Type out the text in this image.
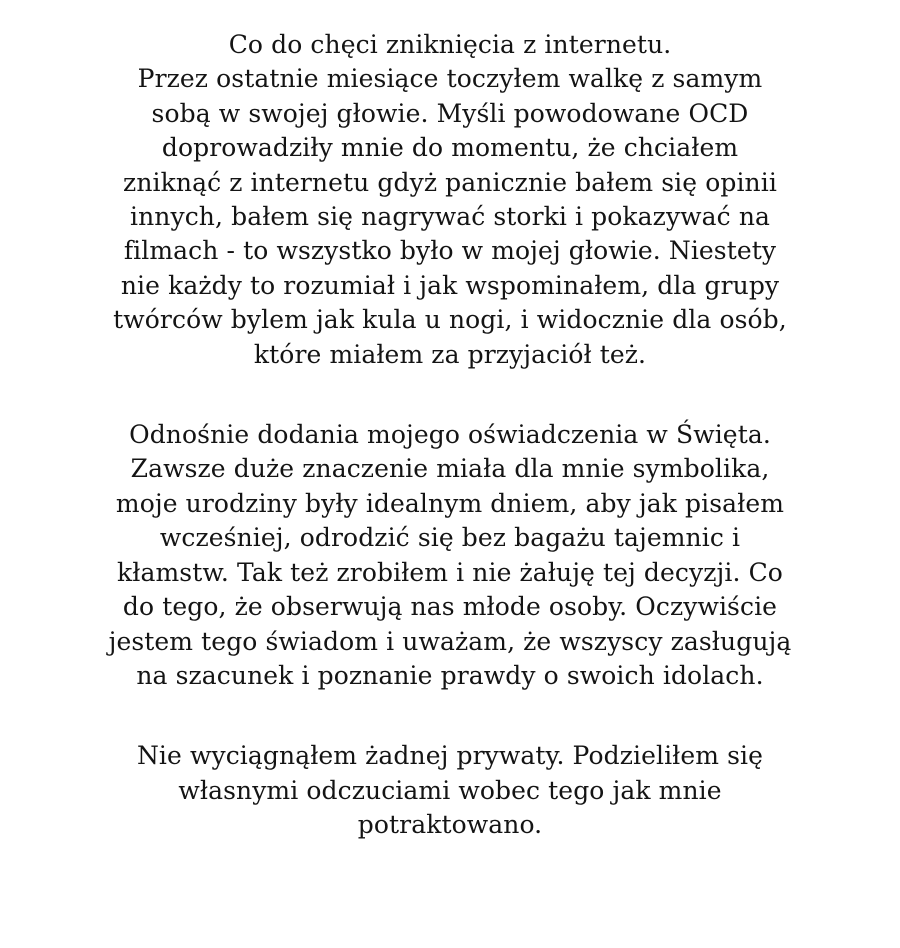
Co do chęci zniknięcia z internetu.
Przez ostatnie miesiące toczyłem walkę z samym
sobą w swojej głowie. Myśli powodowane OCD
doprowadziły mnie do momentu, że chciałem
zniknąć z internetu gdyż panicznie bałem się opinii
innych, bałem się nagrywać storki i pokazywać na
filmach - to wszystko było w mojej głowie. Niestety
nie każdy to rozumiał i jak wspominałem, dla grupy
twórców bylem jak kula u nogi, i widocznie dla osób,
które miałem za przyjaciół też.
Odnośnie dodania mojego oświadczenia w Święta.
Zawsze duże znaczenie miała dla mnie symbolika,
moje urodziny były idealnym dniem, aby jak pisałem
wcześniej, odrodzić się bez bagażu tajemnic i
kłamstw. Tak też zrobiłem i nie żałuję tej decyzji. Co
do tego, że obserwują nas młode osoby. Oczywiście
jestem tego świadom i uważam, że wszyscy zasługują
na szacunek i poznanie prawdy o swoich idolach.
Nie wyciągnąłem żadnej prywaty. Podzieliłem się
własnymi odczuciami wobec tego jak mnie
potraktowano.
